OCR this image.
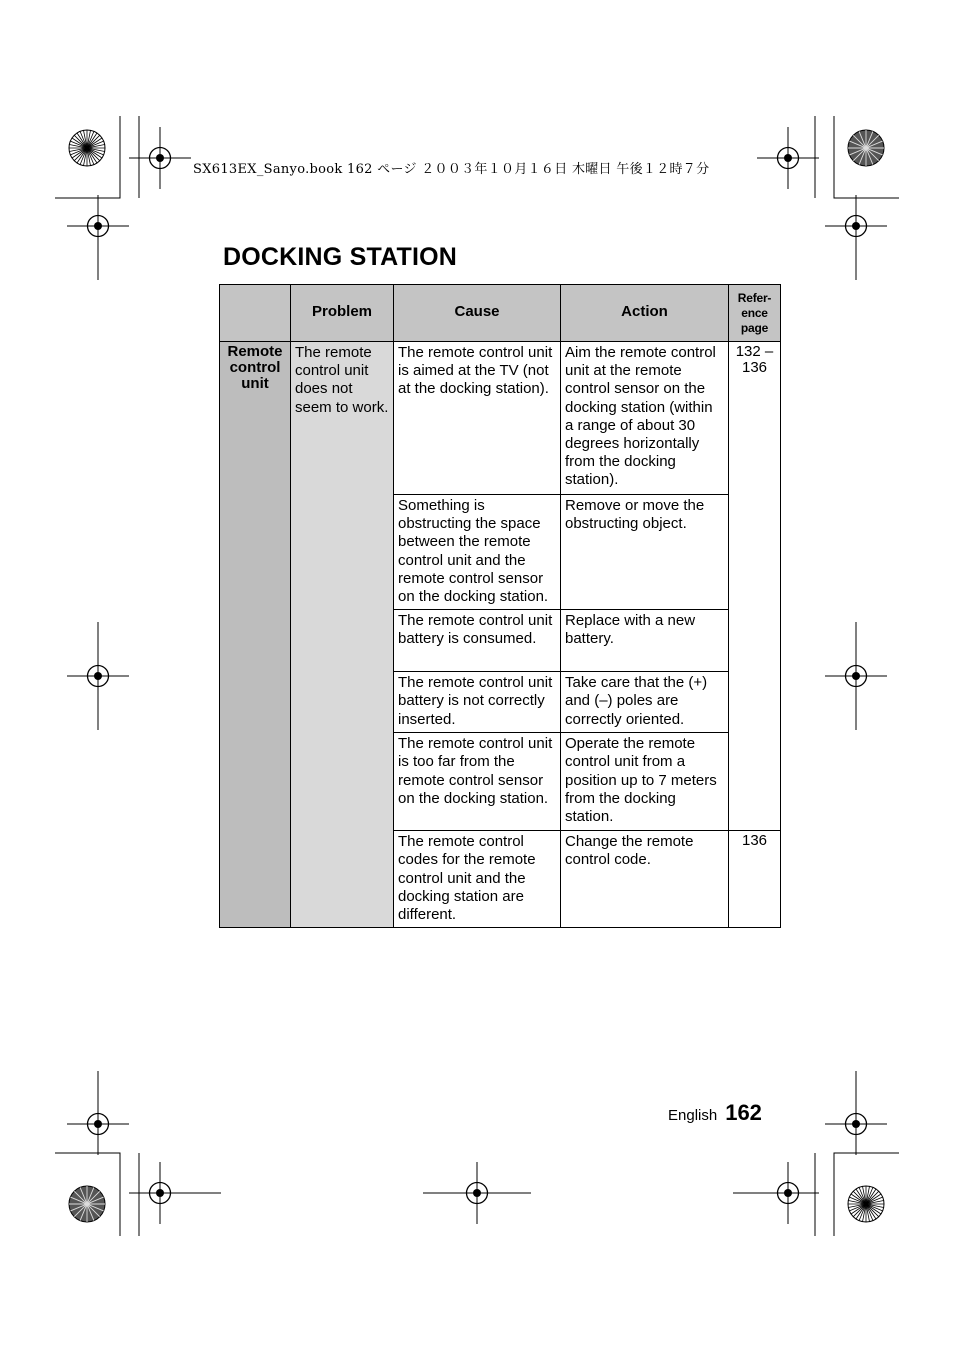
SX613EX_Sanyo.book 162 ページ ２００３年１０月１６日 木曜日 午後１２時７分
DOCKING STATION
	Problem	Cause	Action	Refer-
ence
page
Remote
control
unit	The remote control unit does not seem to work.	The remote control unit is aimed at the TV (not at the docking station).	Aim the remote control unit at the remote control sensor on the docking station (within a range of about 30 degrees horizontally from the docking station).	132 –
136
		Something is obstructing the space between the remote control unit and the remote control sensor on the docking station.	Remove or move the obstructing object.	
		The remote control unit battery is consumed.	Replace with a new battery.	
		The remote control unit battery is not correctly inserted.	Take care that the (+) and (–) poles are correctly oriented.	
		The remote control unit is too far from the remote control sensor on the docking station.	Operate the remote control unit from a position up to 7 meters from the docking station.	
		The remote control codes for the remote control unit and the docking station are different.	Change the remote control code.	136
English 162
